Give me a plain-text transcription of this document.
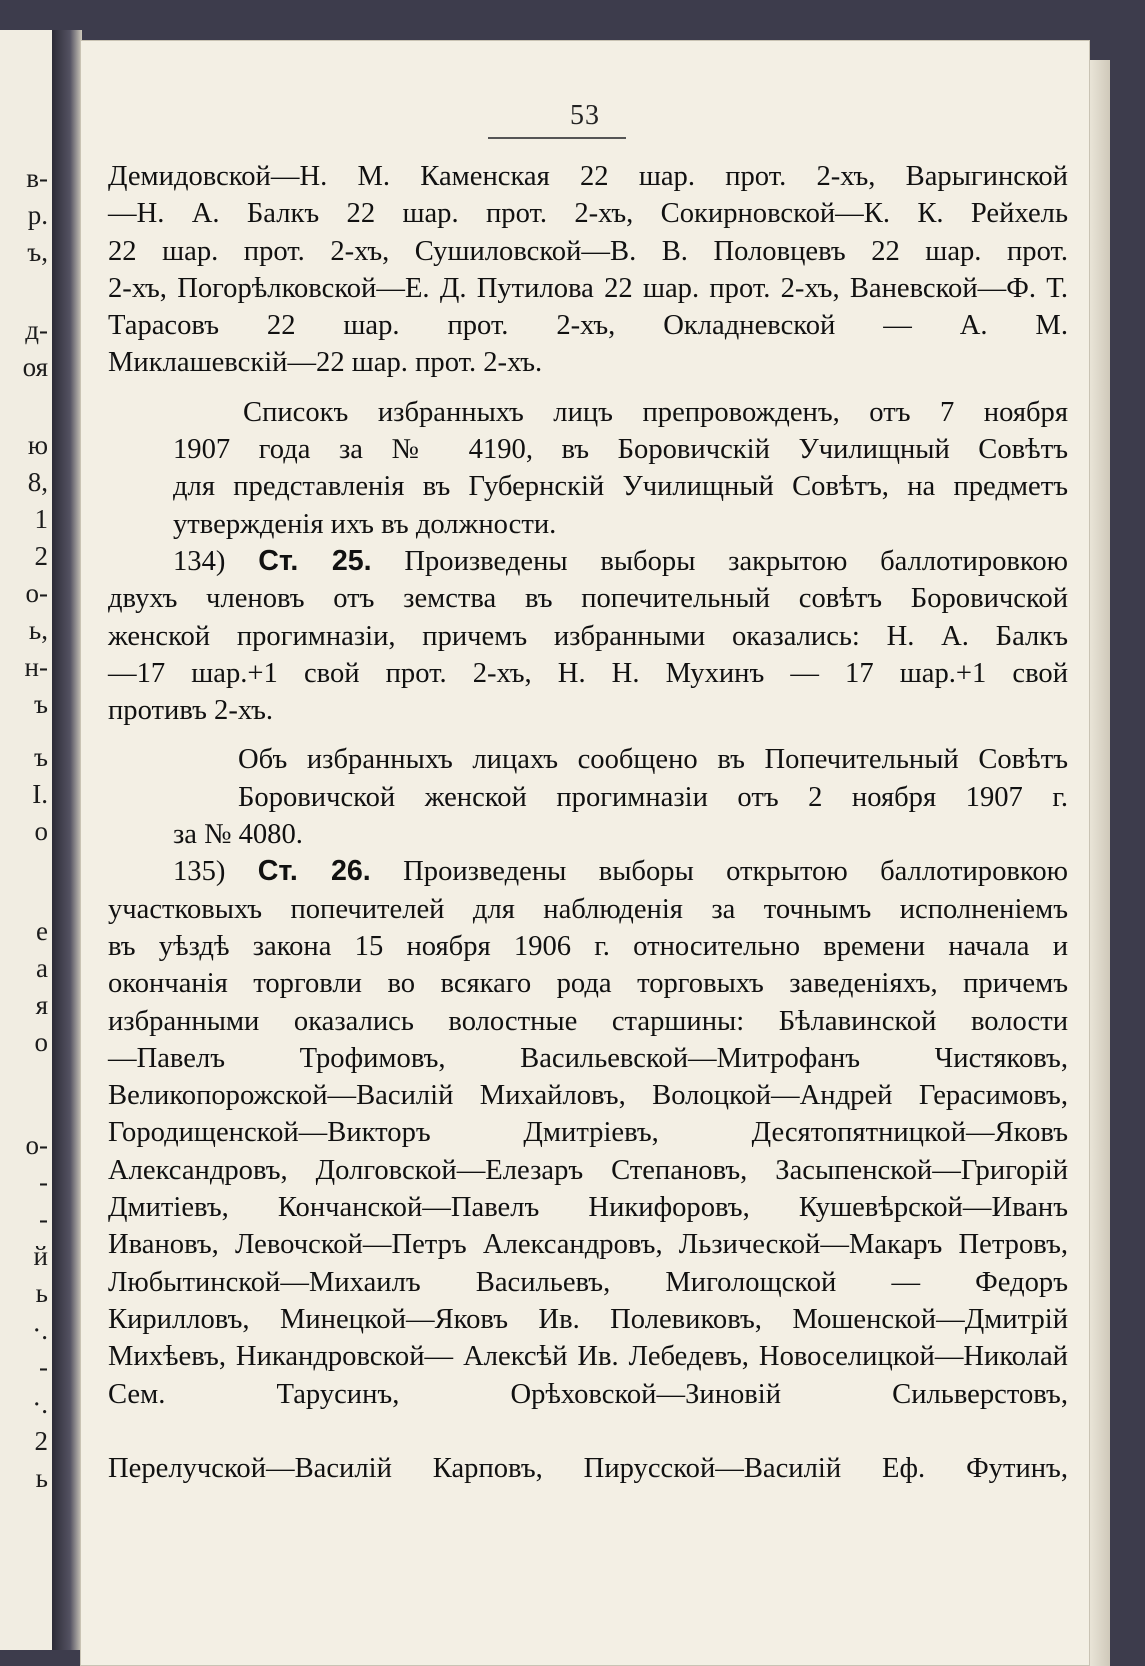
в-
р.
ъ,
д-
оя
ю
8,
1
2
о-
ь,
н-
ъ
ъ
I.
о
е
а
я
о
о-
-
-
й
ь
·.
-
·.
2
ь
53
Демидовской—Н. М. Каменская 22 шар. прот. 2-хъ, Варыгинской
—Н. А. Балкъ 22 шар. прот. 2-хъ, Сокирновской—К. К. Рейхель
22 шар. прот. 2-хъ, Сушиловской—В. В. Половцевъ 22 шар. прот.
2-хъ, Погорѣлковской—Е. Д. Путилова 22 шар. прот. 2-хъ, Ваневской—Ф. Т. Тарасовъ 22 шар. прот. 2-хъ, Окладневской — А. М.
Миклашевскій—22 шар. прот. 2-хъ.
Списокъ избранныхъ лицъ препровожденъ, отъ 7 ноября
1907 года за № 4190, въ Боровичскій Училищный Совѣтъ
для представленія въ Губернскій Училищный Совѣтъ, на предметъ утвержденія ихъ въ должности.
134) Ст. 25. Произведены выборы закрытою баллотировкою
двухъ членовъ отъ земства въ попечительный совѣтъ Боровичской
женской прогимназіи, причемъ избранными оказались: Н. А. Балкъ
—17 шар.+1 свой прот. 2-хъ, Н. Н. Мухинъ — 17 шар.+1 свой
противъ 2-хъ.
Объ избранныхъ лицахъ сообщено въ Попечительный Совѣтъ Боровичской женской прогимназіи отъ 2 ноября 1907 г.
за № 4080.
135) Ст. 26. Произведены выборы открытою баллотировкою
участковыхъ попечителей для наблюденія за точнымъ исполненіемъ
въ уѣздѣ закона 15 ноября 1906 г. относительно времени начала и
окончанія торговли во всякаго рода торговыхъ заведеніяхъ, причемъ
избранными оказались волостные старшины: Бѣлавинской волости
—Павелъ Трофимовъ, Васильевской—Митрофанъ Чистяковъ, Великопорожской—Василій Михайловъ, Волоцкой—Андрей Герасимовъ,
Городищенской—Викторъ Дмитріевъ, Десятопятницкой—Яковъ Александровъ, Долговской—Елезаръ Степановъ, Засыпенской—Григорій
Дмитіевъ, Кончанской—Павелъ Никифоровъ, Кушевѣрской—Иванъ
Ивановъ, Левочской—Петръ Александровъ, Льзической—Макаръ Петровъ, Любытинской—Михаилъ Васильевъ, Миголощской — Федоръ
Кирилловъ, Минецкой—Яковъ Ив. Полевиковъ, Мошенской—Дмитрій Михѣевъ, Никандровской— Алексѣй Ив. Лебедевъ, Новоселицкой—Николай Сем. Тарусинъ, Орѣховской—Зиновій Сильверстовъ,
Перелучской—Василій Карповъ, Пирусской—Василій Еф. Футинъ,
